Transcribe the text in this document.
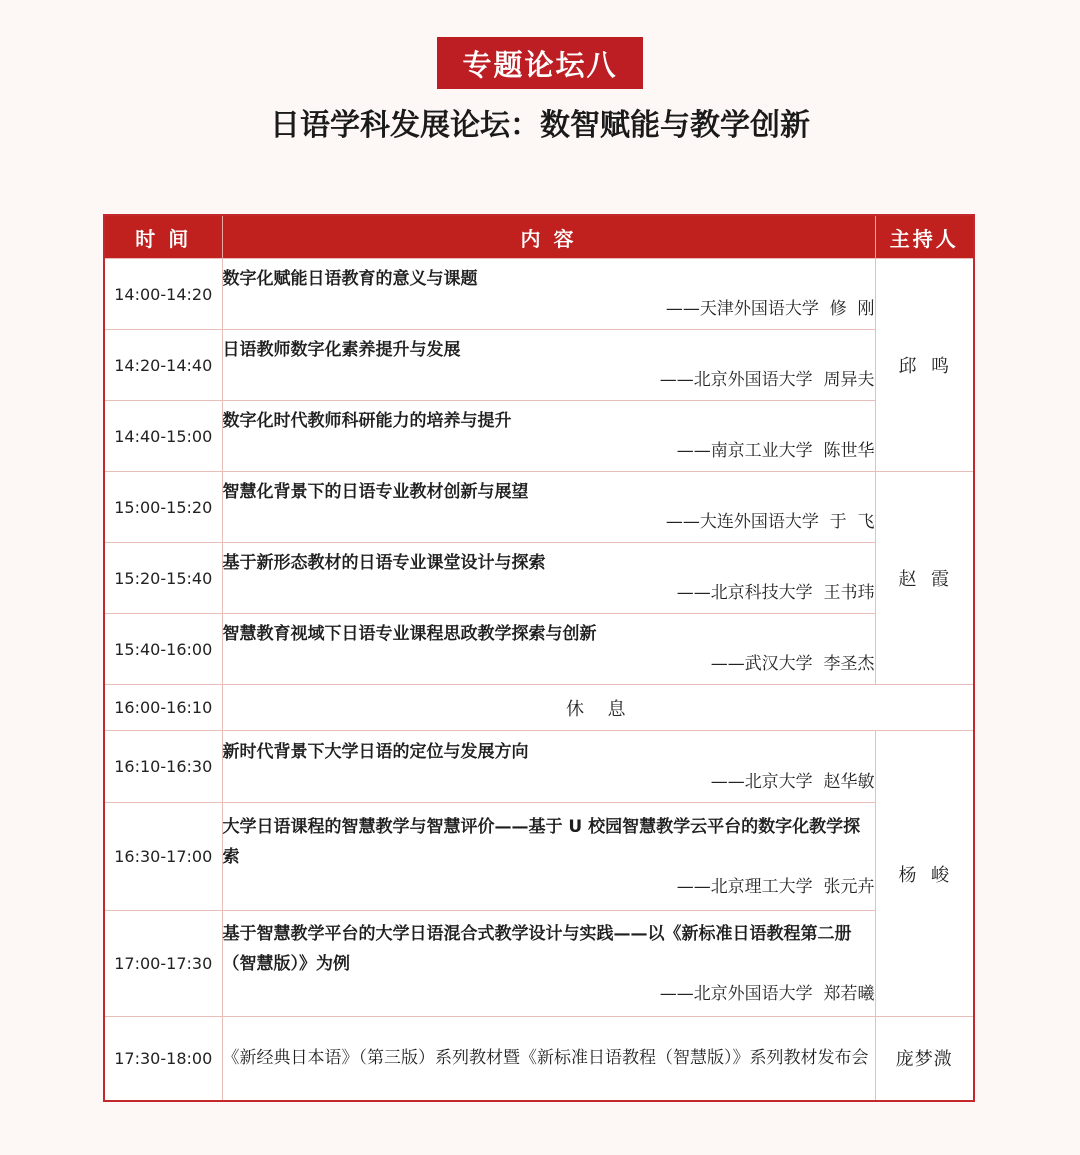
专题论坛八
日语学科发展论坛：数智赋能与教学创新
时 间	内 容	主持人
14:00-14:20	数字化赋能日语教育的意义与课题
——天津外国语大学  修  刚	邱  鸣
14:20-14:40	日语教师数字化素养提升与发展
——北京外国语大学  周异夫	

14:40-15:00	数字化时代教师科研能力的培养与提升
——南京工业大学  陈世华	

15:00-15:20	智慧化背景下的日语专业教材创新与展望
——大连外国语大学  于  飞	赵  霞
15:20-15:40	基于新形态教材的日语专业课堂设计与探索
——北京科技大学  王书玮	

15:40-16:00	智慧教育视域下日语专业课程思政教学探索与创新
——武汉大学  李圣杰	

16:00-16:10	休  息	
16:10-16:30	新时代背景下大学日语的定位与发展方向
——北京大学  赵华敏	杨  峻
16:30-17:00	大学日语课程的智慧教学与智慧评价——基于 U 校园智慧教学云平台的数字化教学探索
——北京理工大学  张元卉	

17:00-17:30	基于智慧教学平台的大学日语混合式教学设计与实践——以《新标准日语教程第二册（智慧版）》为例
——北京外国语大学  郑若曦	

17:30-18:00	《新经典日本语》（第三版）系列教材暨《新标准日语教程（智慧版）》系列教材发布会	庞梦溦
